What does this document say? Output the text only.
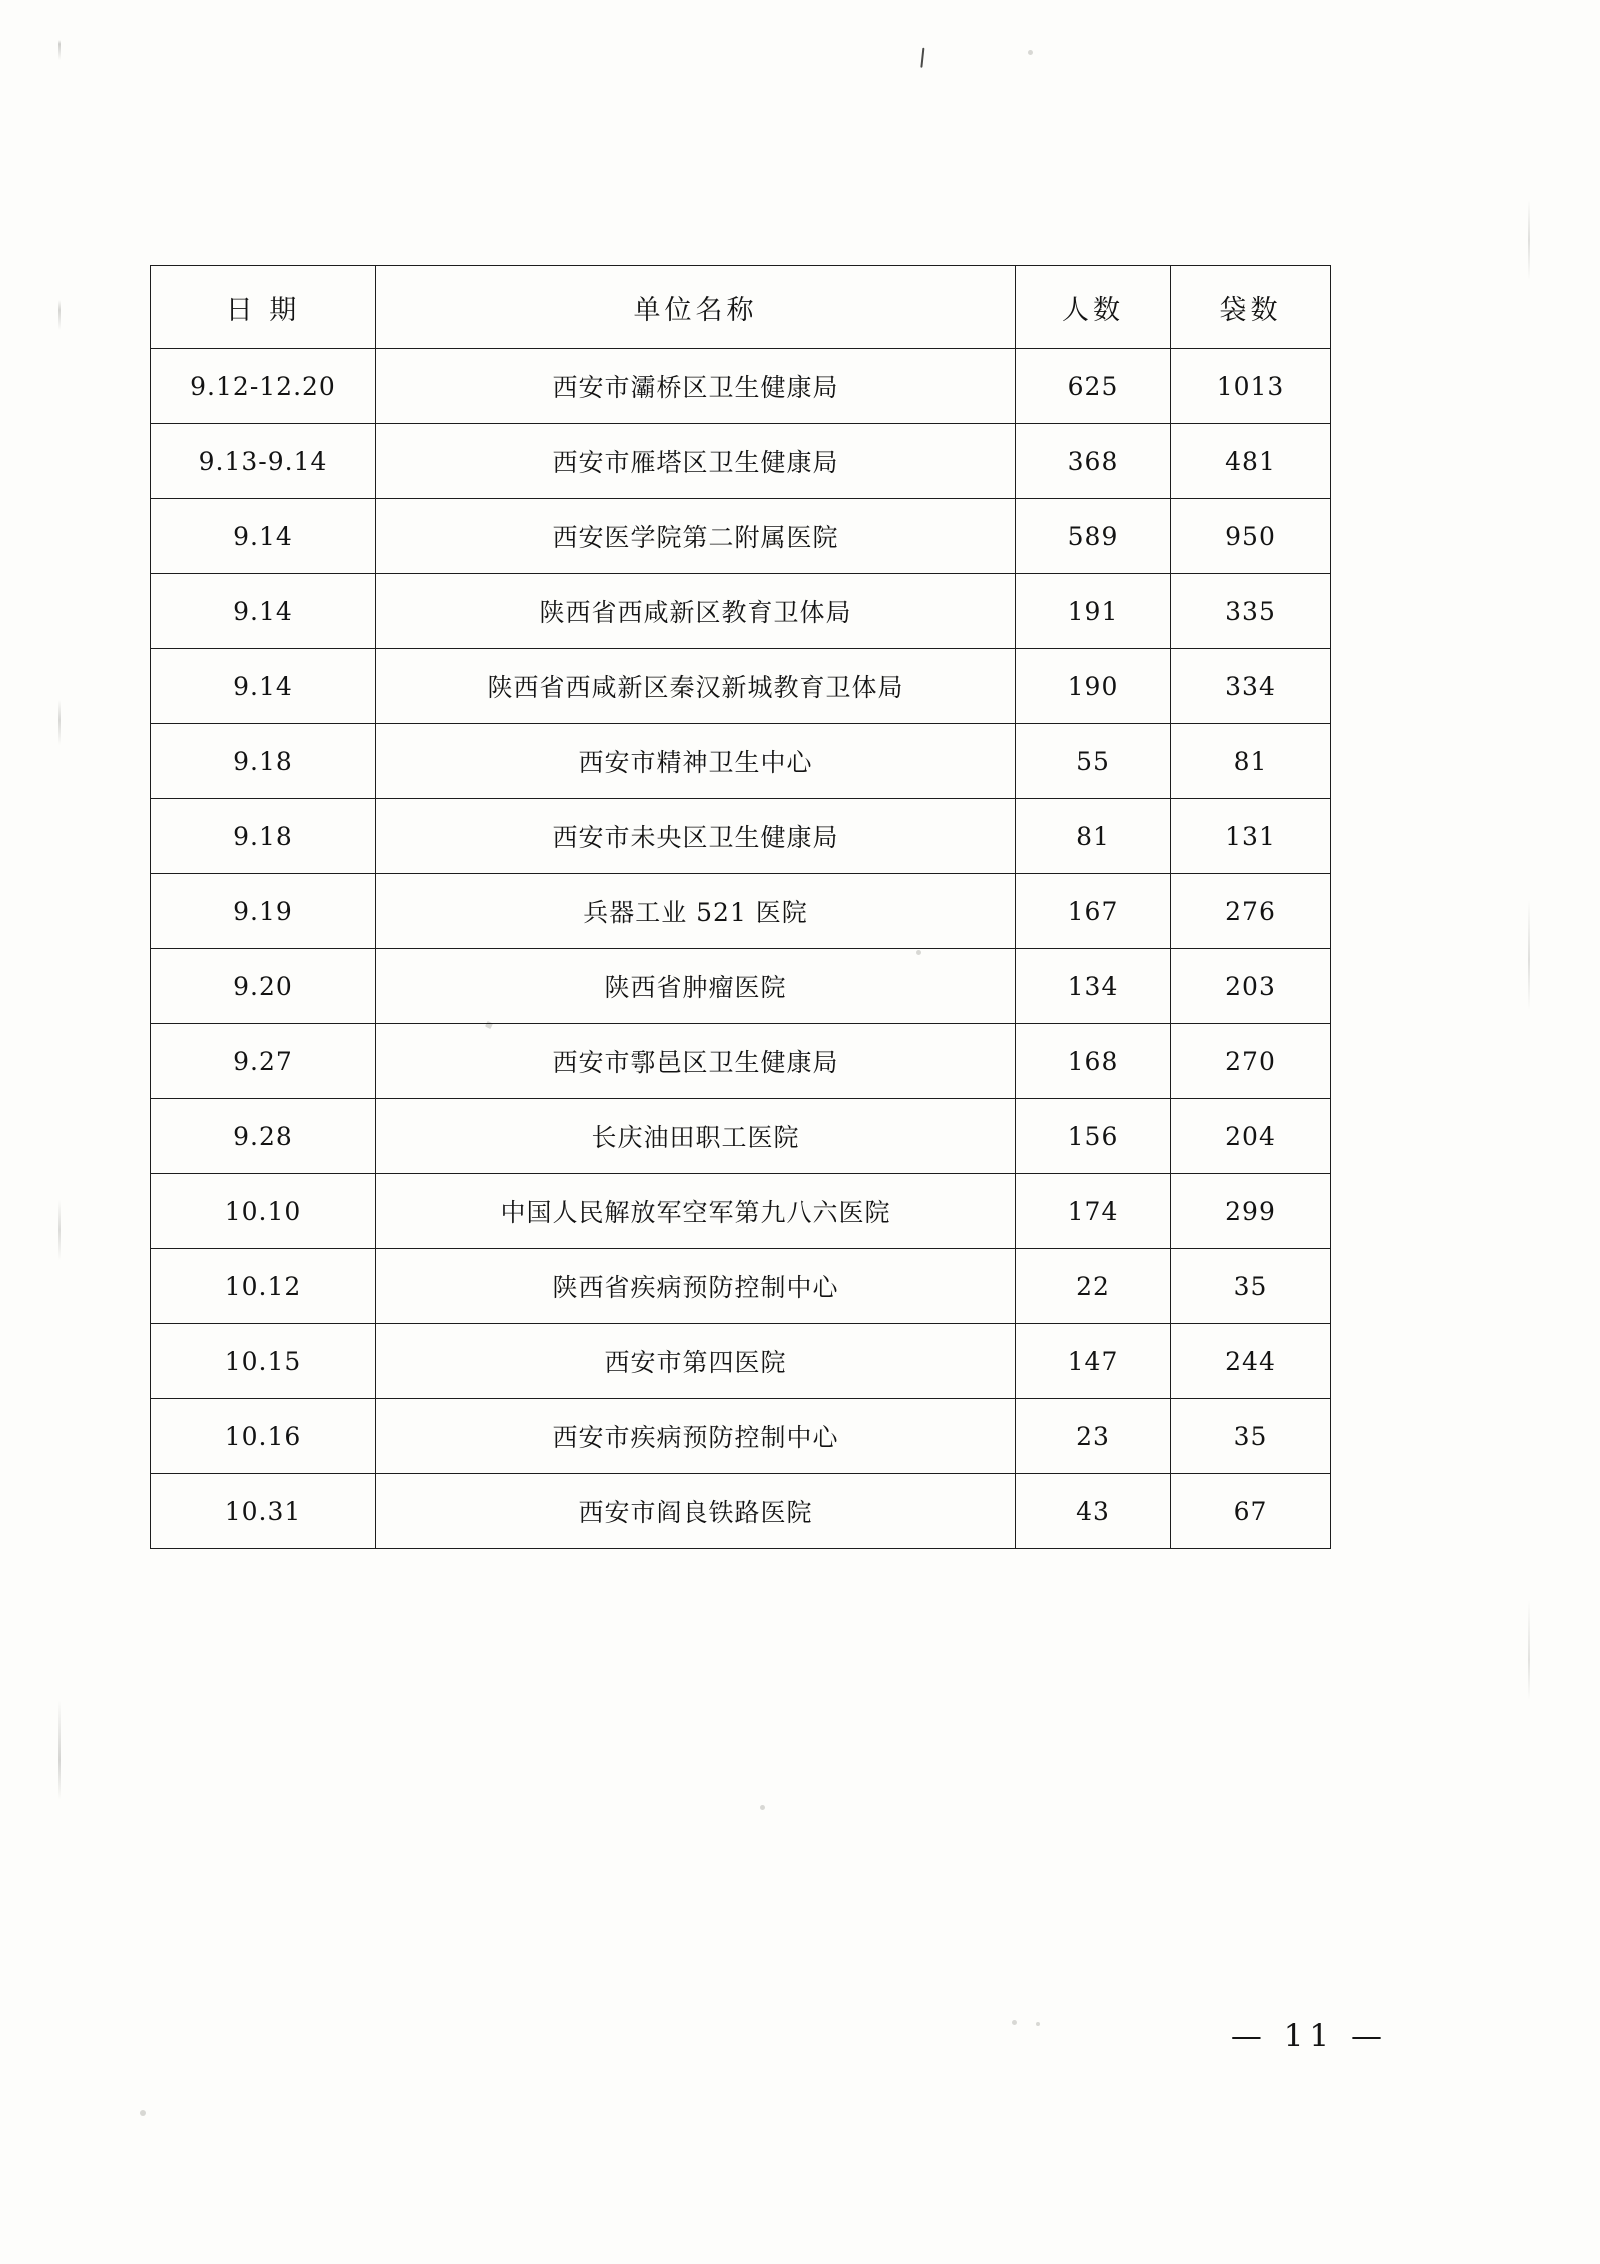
日 期	单位名称	人数	袋数
9.12-12.20	西安市灞桥区卫生健康局	625	1013
9.13-9.14	西安市雁塔区卫生健康局	368	481
9.14	西安医学院第二附属医院	589	950
9.14	陕西省西咸新区教育卫体局	191	335
9.14	陕西省西咸新区秦汉新城教育卫体局	190	334
9.18	西安市精神卫生中心	55	81
9.18	西安市未央区卫生健康局	81	131
9.19	兵器工业 521 医院	167	276
9.20	陕西省肿瘤医院	134	203
9.27	西安市鄠邑区卫生健康局	168	270
9.28	长庆油田职工医院	156	204
10.10	中国人民解放军空军第九八六医院	174	299
10.12	陕西省疾病预防控制中心	22	35
10.15	西安市第四医院	147	244
10.16	西安市疾病预防控制中心	23	35
10.31	西安市阎良铁路医院	43	67
— 11 —
